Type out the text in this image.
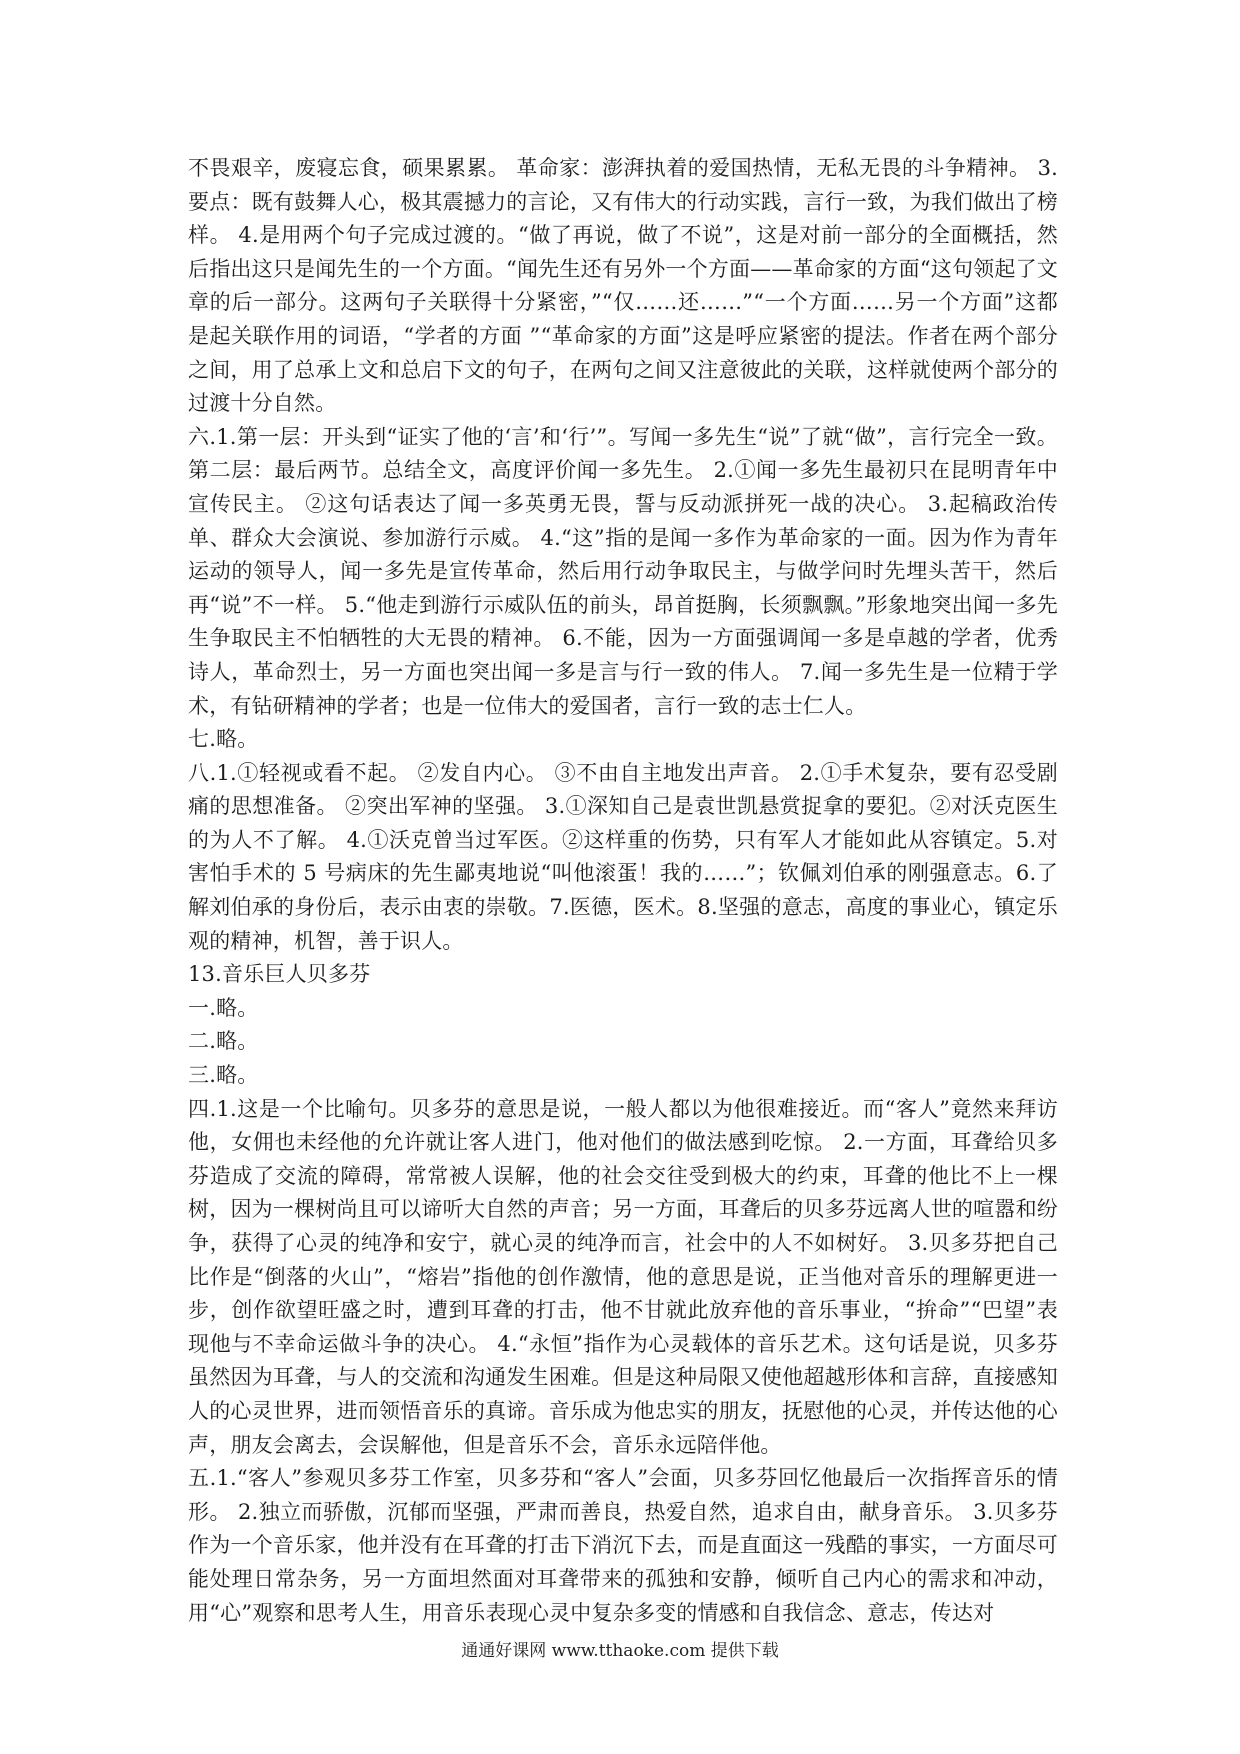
不畏艰辛，废寝忘食，硕果累累。 革命家：澎湃执着的爱国热情，无私无畏的斗争精神。 3.要点：既有鼓舞人心，极其震撼力的言论，又有伟大的行动实践，言行一致，为我们做出了榜样。 4.是用两个句子完成过渡的。“做了再说，做了不说”，这是对前一部分的全面概括，然后指出这只是闻先生的一个方面。“闻先生还有另外一个方面——革命家的方面“这句领起了文章的后一部分。这两句子关联得十分紧密，”“仅……还……”“一个方面……另一个方面”这都是起关联作用的词语，“学者的方面 ”“革命家的方面”这是呼应紧密的提法。作者在两个部分之间，用了总承上文和总启下文的句子，在两句之间又注意彼此的关联，这样就使两个部分的过渡十分自然。

六.1.第一层：开头到“证实了他的‘言’和‘行’”。写闻一多先生“说”了就“做”，言行完全一致。第二层：最后两节。总结全文，高度评价闻一多先生。 2.①闻一多先生最初只在昆明青年中宣传民主。 ②这句话表达了闻一多英勇无畏，誓与反动派拼死一战的决心。 3.起稿政治传单、群众大会演说、参加游行示威。 4.“这”指的是闻一多作为革命家的一面。因为作为青年运动的领导人，闻一多先是宣传革命，然后用行动争取民主，与做学问时先埋头苦干，然后再“说”不一样。 5.“他走到游行示威队伍的前头，昂首挺胸，长须飘飘。”形象地突出闻一多先生争取民主不怕牺牲的大无畏的精神。 6.不能，因为一方面强调闻一多是卓越的学者，优秀诗人，革命烈士，另一方面也突出闻一多是言与行一致的伟人。 7.闻一多先生是一位精于学术，有钻研精神的学者；也是一位伟大的爱国者，言行一致的志士仁人。

七.略。

八.1.①轻视或看不起。 ②发自内心。 ③不由自主地发出声音。 2.①手术复杂，要有忍受剧痛的思想准备。 ②突出军神的坚强。 3.①深知自己是袁世凯悬赏捉拿的要犯。②对沃克医生的为人不了解。 4.①沃克曾当过军医。②这样重的伤势，只有军人才能如此从容镇定。5.对害怕手术的 5 号病床的先生鄙夷地说“叫他滚蛋！我的……”；钦佩刘伯承的刚强意志。6.了解刘伯承的身份后，表示由衷的崇敬。7.医德，医术。8.坚强的意志，高度的事业心，镇定乐观的精神，机智，善于识人。

13.音乐巨人贝多芬

一.略。

二.略。

三.略。

四.1.这是一个比喻句。贝多芬的意思是说，一般人都以为他很难接近。而“客人”竟然来拜访他，女佣也未经他的允许就让客人进门，他对他们的做法感到吃惊。 2.一方面，耳聋给贝多芬造成了交流的障碍，常常被人误解，他的社会交往受到极大的约束，耳聋的他比不上一棵树，因为一棵树尚且可以谛听大自然的声音；另一方面，耳聋后的贝多芬远离人世的喧嚣和纷争，获得了心灵的纯净和安宁，就心灵的纯净而言，社会中的人不如树好。 3.贝多芬把自己比作是“倒落的火山”，“熔岩”指他的创作激情，他的意思是说，正当他对音乐的理解更进一步，创作欲望旺盛之时，遭到耳聋的打击，他不甘就此放弃他的音乐事业，“拚命”“巴望”表现他与不幸命运做斗争的决心。 4.“永恒”指作为心灵载体的音乐艺术。这句话是说，贝多芬虽然因为耳聋，与人的交流和沟通发生困难。但是这种局限又使他超越形体和言辞，直接感知人的心灵世界，进而领悟音乐的真谛。音乐成为他忠实的朋友，抚慰他的心灵，并传达他的心声，朋友会离去，会误解他，但是音乐不会，音乐永远陪伴他。

五.1.“客人”参观贝多芬工作室，贝多芬和“客人”会面，贝多芬回忆他最后一次指挥音乐的情形。 2.独立而骄傲，沉郁而坚强，严肃而善良，热爱自然，追求自由，献身音乐。 3.贝多芬作为一个音乐家，他并没有在耳聋的打击下消沉下去，而是直面这一残酷的事实，一方面尽可能处理日常杂务，另一方面坦然面对耳聋带来的孤独和安静，倾听自己内心的需求和冲动，用“心”观察和思考人生，用音乐表现心灵中复杂多变的情感和自我信念、意志，传达对

通通好课网 www.tthaoke.com 提供下载
